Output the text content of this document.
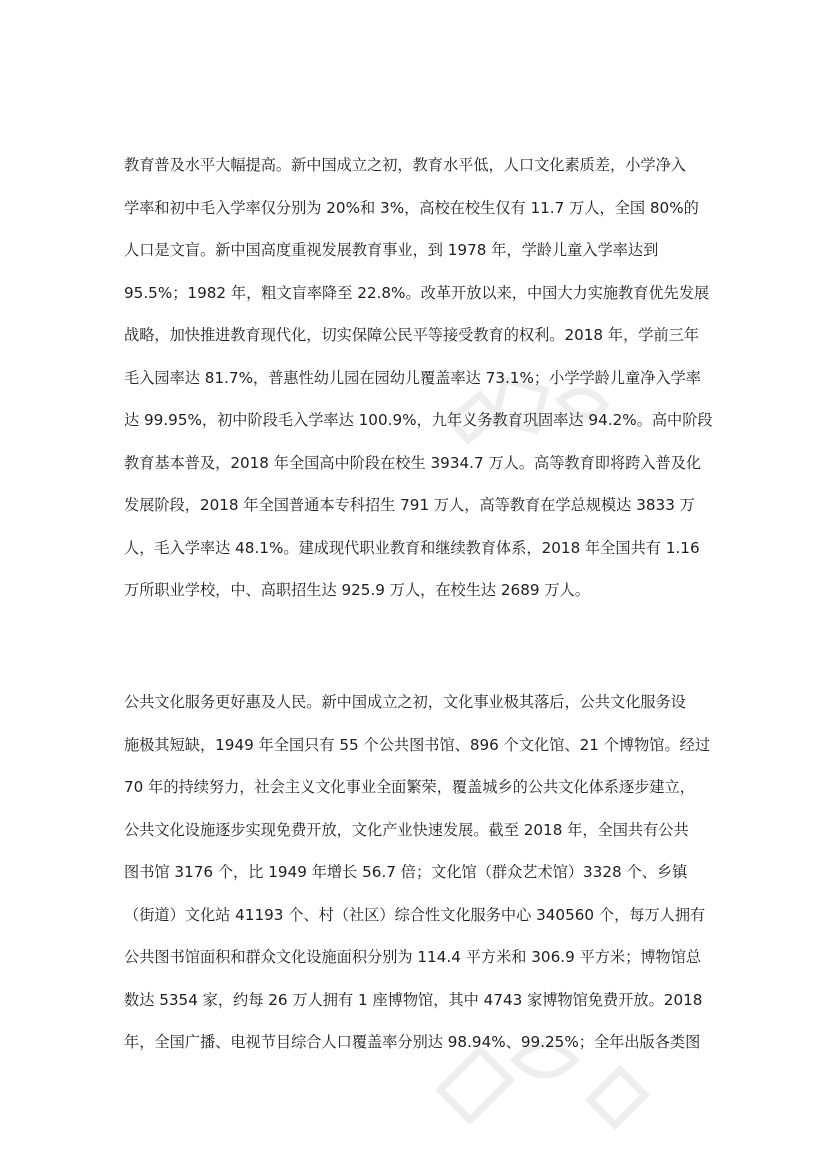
教育普及水平大幅提高。新中国成立之初，教育水平低，人口文化素质差，小学净入
学率和初中毛入学率仅分别为 20%和 3%，高校在校生仅有 11.7 万人，全国 80%的
人口是文盲。新中国高度重视发展教育事业，到 1978 年，学龄儿童入学率达到
95.5%；1982 年，粗文盲率降至 22.8%。改革开放以来，中国大力实施教育优先发展
战略，加快推进教育现代化，切实保障公民平等接受教育的权利。2018 年，学前三年
毛入园率达 81.7%，普惠性幼儿园在园幼儿覆盖率达 73.1%；小学学龄儿童净入学率
达 99.95%，初中阶段毛入学率达 100.9%，九年义务教育巩固率达 94.2%。高中阶段
教育基本普及，2018 年全国高中阶段在校生 3934.7 万人。高等教育即将跨入普及化
发展阶段，2018 年全国普通本专科招生 791 万人，高等教育在学总规模达 3833 万
人，毛入学率达 48.1%。建成现代职业教育和继续教育体系，2018 年全国共有 1.16
万所职业学校，中、高职招生达 925.9 万人，在校生达 2689 万人。
公共文化服务更好惠及人民。新中国成立之初，文化事业极其落后，公共文化服务设
施极其短缺，1949 年全国只有 55 个公共图书馆、896 个文化馆、21 个博物馆。经过
70 年的持续努力，社会主义文化事业全面繁荣，覆盖城乡的公共文化体系逐步建立，
公共文化设施逐步实现免费开放，文化产业快速发展。截至 2018 年，全国共有公共
图书馆 3176 个，比 1949 年增长 56.7 倍；文化馆（群众艺术馆）3328 个、乡镇
（街道）文化站 41193 个、村（社区）综合性文化服务中心 340560 个，每万人拥有
公共图书馆面积和群众文化设施面积分别为 114.4 平方米和 306.9 平方米；博物馆总
数达 5354 家，约每 26 万人拥有 1 座博物馆，其中 4743 家博物馆免费开放。2018
年，全国广播、电视节目综合人口覆盖率分别达 98.94%、99.25%；全年出版各类图
